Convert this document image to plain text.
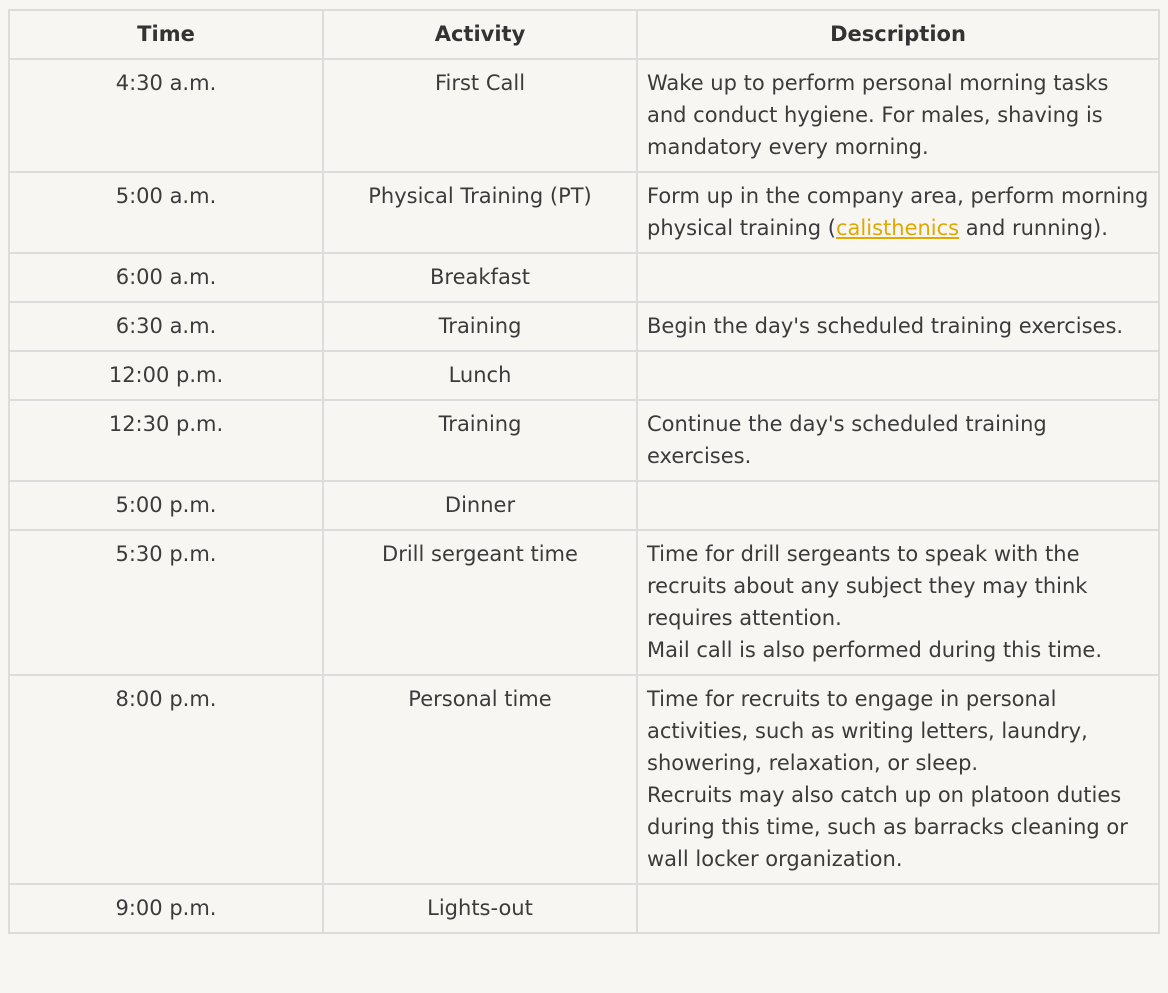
Time	Activity	Description
4:30 a.m.	First Call	Wake up to perform personal morning tasks and conduct hygiene. For males, shaving is mandatory every morning.

5:00 a.m.	Physical Training (PT)	Form up in the company area, perform morning physical training (calisthenics and running).
6:00 a.m.	Breakfast	
6:30 a.m.	Training	Begin the day's scheduled training exercises.

12:00 p.m.	Lunch	
12:30 p.m.	Training	Continue the day's scheduled training exercises.

5:00 p.m.	Dinner	
5:30 p.m.	Drill sergeant time	Time for drill sergeants to speak with the recruits about any subject they may think requires attention.
Mail call is also performed during this time.

8:00 p.m.	Personal time	Time for recruits to engage in personal activities, such as writing letters, laundry, showering, relaxation, or sleep.
Recruits may also catch up on platoon duties during this time, such as barracks cleaning or wall locker organization.

9:00 p.m.	Lights-out	
